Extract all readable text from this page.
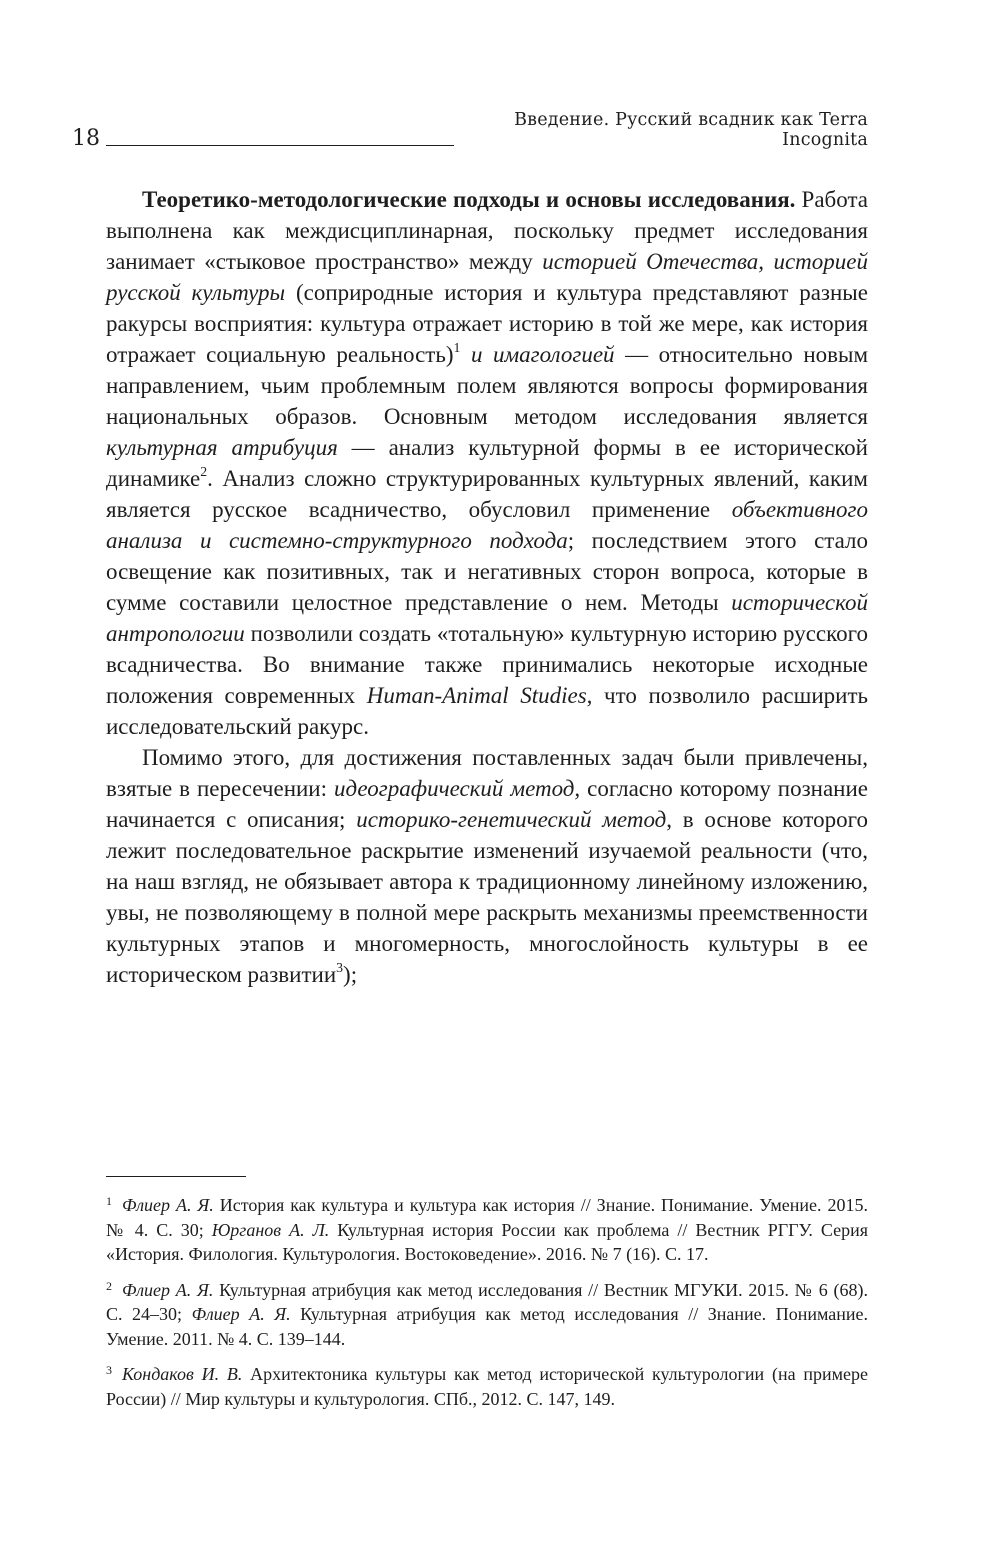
18
Введение. Русский всадник как Terra Incognita

Теоретико-методологические подходы и основы исследования. Работа выполнена как междисциплинарная, поскольку предмет исследования занимает «стыковое пространство» между историей Отечества, историей русской культуры (соприродные история и культура представляют разные ракурсы восприятия: культура отражает историю в той же мере, как история отражает социальную реальность)$^1$ и имагологией — относительно новым направлением, чьим проблемным полем являются вопросы формирования национальных образов. Основным методом исследования является культурная атрибуция — анализ культурной формы в ее исторической динамике$^2$. Анализ сложно структурированных культурных явлений, каким является русское всадничество, обусловил применение объективного анализа и системно-структурного подхода; последствием этого стало освещение как позитивных, так и негативных сторон вопроса, которые в сумме составили целостное представление о нем. Методы исторической антропологии позволили создать «тотальную» культурную историю русского всадничества. Во внимание также принимались некоторые исходные положения современных Human-Animal Studies, что позволило расширить исследовательский ракурс.

Помимо этого, для достижения поставленных задач были привлечены, взятые в пересечении: идеографический метод, согласно которому познание начинается с описания; историко-генетический метод, в основе которого лежит последовательное раскрытие изменений изучаемой реальности (что, на наш взгляд, не обязывает автора к традиционному линейному изложению, увы, не позволяющему в полной мере раскрыть механизмы преемственности культурных этапов и многомерность, многослойность культуры в ее историческом развитии$^3$);

$^1$ Флиер А. Я. История как культура и культура как история // Знание. Понимание. Умение. 2015. № 4. С. 30; Юрганов А. Л. Культурная история России как проблема // Вестник РГГУ. Серия «История. Филология. Культурология. Востоковедение». 2016. № 7 (16). С. 17.

$^2$ Флиер А. Я. Культурная атрибуция как метод исследования // Вестник МГУКИ. 2015. № 6 (68). С. 24–30; Флиер А. Я. Культурная атрибуция как метод исследования // Знание. Понимание. Умение. 2011. № 4. С. 139–144.

$^3$ Кондаков И. В. Архитектоника культуры как метод исторической культурологии (на примере России) // Мир культуры и культурология. СПб., 2012. С. 147, 149.
